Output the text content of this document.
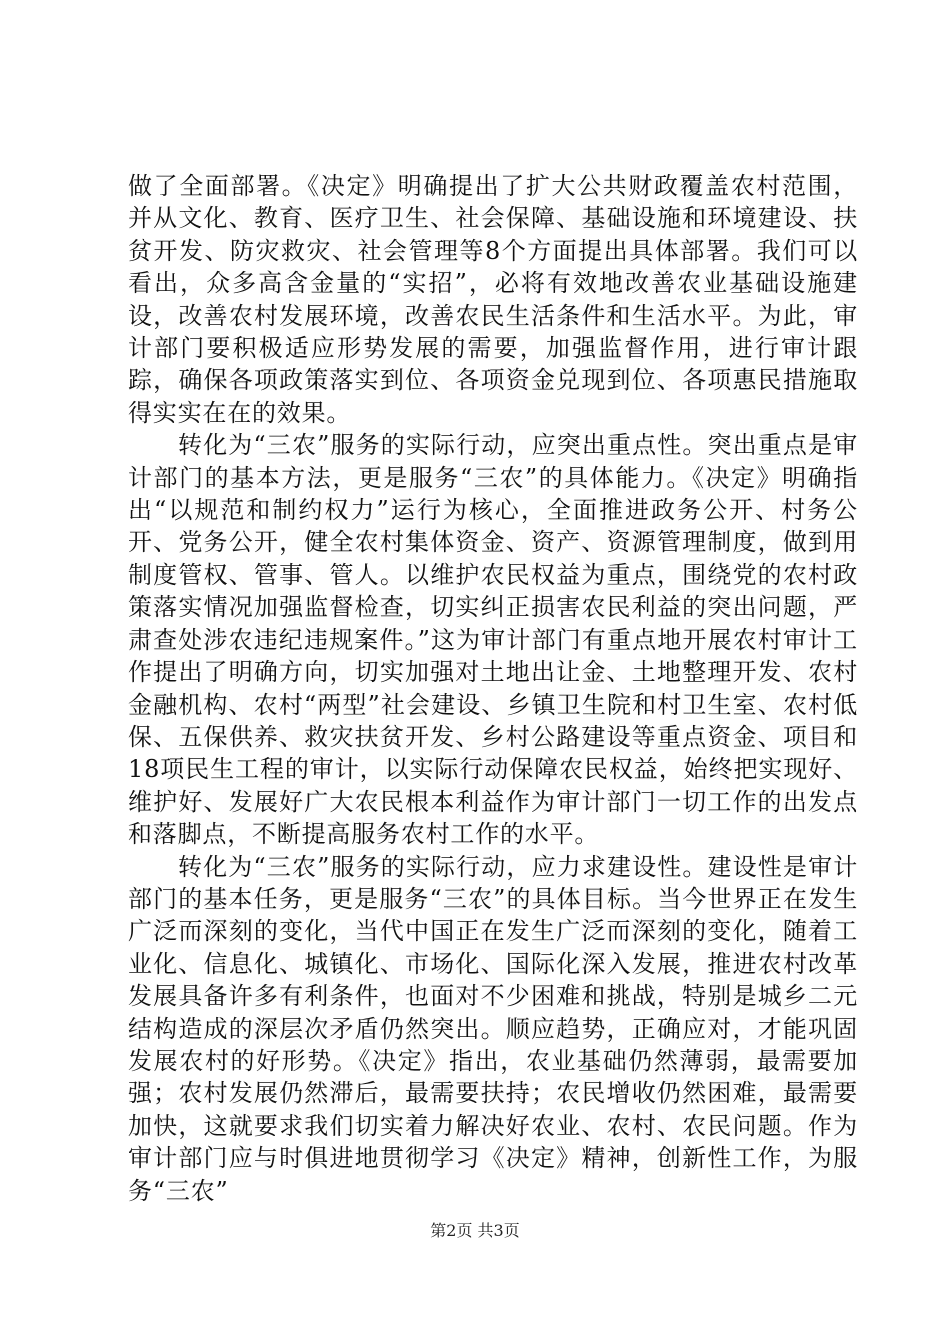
做了全面部署。《决定》明确提出了扩大公共财政覆盖农村范围，并从文化、教育、医疗卫生、社会保障、基础设施和环境建设、扶贫开发、防灾救灾、社会管理等8个方面提出具体部署。我们可以看出，众多高含金量的“实招”，必将有效地改善农业基础设施建设，改善农村发展环境，改善农民生活条件和生活水平。为此，审计部门要积极适应形势发展的需要，加强监督作用，进行审计跟踪，确保各项政策落实到位、各项资金兑现到位、各项惠民措施取得实实在在的效果。

转化为“三农”服务的实际行动，应突出重点性。突出重点是审计部门的基本方法，更是服务“三农”的具体能力。《决定》明确指出“以规范和制约权力”运行为核心，全面推进政务公开、村务公开、党务公开，健全农村集体资金、资产、资源管理制度，做到用制度管权、管事、管人。以维护农民权益为重点，围绕党的农村政策落实情况加强监督检查，切实纠正损害农民利益的突出问题，严肃查处涉农违纪违规案件。”这为审计部门有重点地开展农村审计工作提出了明确方向，切实加强对土地出让金、土地整理开发、农村金融机构、农村“两型”社会建设、乡镇卫生院和村卫生室、农村低保、五保供养、救灾扶贫开发、乡村公路建设等重点资金、项目和18项民生工程的审计，以实际行动保障农民权益，始终把实现好、维护好、发展好广大农民根本利益作为审计部门一切工作的出发点和落脚点，不断提高服务农村工作的水平。

转化为“三农”服务的实际行动，应力求建设性。建设性是审计部门的基本任务，更是服务“三农”的具体目标。当今世界正在发生广泛而深刻的变化，当代中国正在发生广泛而深刻的变化，随着工业化、信息化、城镇化、市场化、国际化深入发展，推进农村改革发展具备许多有利条件，也面对不少困难和挑战，特别是城乡二元结构造成的深层次矛盾仍然突出。顺应趋势，正确应对，才能巩固发展农村的好形势。《决定》指出，农业基础仍然薄弱，最需要加强；农村发展仍然滞后，最需要扶持；农民增收仍然困难，最需要加快，这就要求我们切实着力解决好农业、农村、农民问题。作为审计部门应与时俱进地贯彻学习《决定》精神，创新性工作，为服务“三农”

第2页 共3页
